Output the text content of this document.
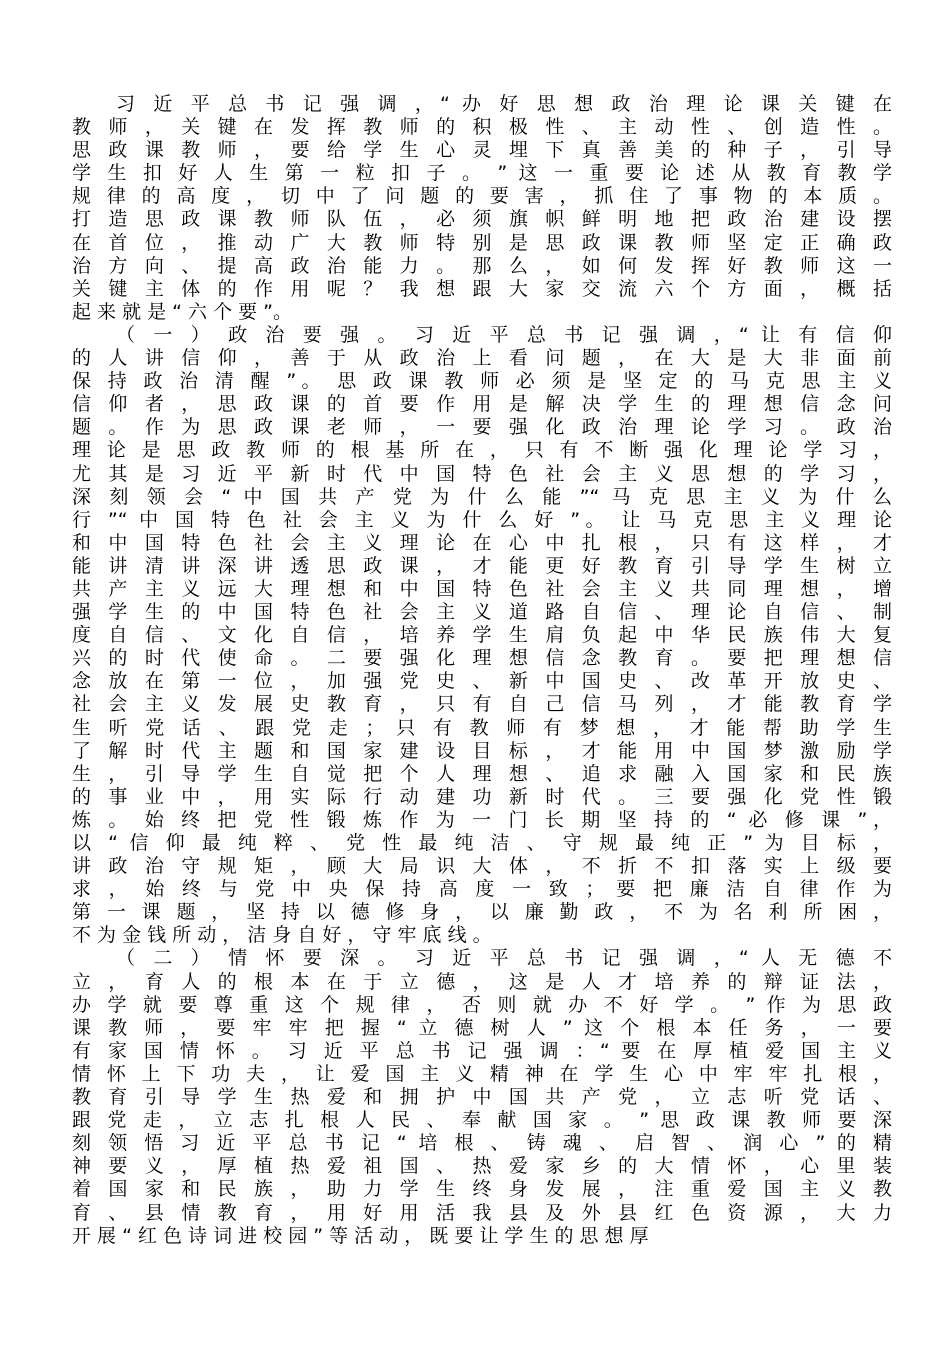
习 近 平 总 书 记 强 调 ，“ 办 好 思 想 政 治 理 论 课 关 键 在
教 师 ， 关 键 在 发 挥 教 师 的 积 极 性 、 主 动 性 、 创 造 性 。
思 政 课 教 师 ， 要 给 学 生 心 灵 埋 下 真 善 美 的 种 子 ， 引 导
学 生 扣 好 人 生 第 一 粒 扣 子 。 ” 这 一 重 要 论 述 从 教 育 教 学
规 律 的 高 度 ， 切 中 了 问 题 的 要 害 ， 抓 住 了 事 物 的 本 质 。
打 造 思 政 课 教 师 队 伍 ， 必 须 旗 帜 鲜 明 地 把 政 治 建 设 摆
在 首 位 ， 推 动 广 大 教 师 特 别 是 思 政 课 教 师 坚 定 正 确 政
治 方 向 、 提 高 政 治 能 力 。 那 么 ， 如 何 发 挥 好 教 师 这 一
关 键 主 体 的 作 用 呢 ？ 我 想 跟 大 家 交 流 六 个 方 面 ， 概 括
起 来 就 是 “ 六 个 要 ”。
（ 一 ） 政 治 要 强 。 习 近 平 总 书 记 强 调 ，“ 让 有 信 仰
的 人 讲 信 仰 ， 善 于 从 政 治 上 看 问 题 ， 在 大 是 大 非 面 前
保 持 政 治 清 醒 ”。 思 政 课 教 师 必 须 是 坚 定 的 马 克 思 主 义
信 仰 者 ， 思 政 课 的 首 要 作 用 是 解 决 学 生 的 理 想 信 念 问
题 。 作 为 思 政 课 老 师 ， 一 要 强 化 政 治 理 论 学 习 。 政 治
理 论 是 思 政 教 师 的 根 基 所 在 ， 只 有 不 断 强 化 理 论 学 习 ，
尤 其 是 习 近 平 新 时 代 中 国 特 色 社 会 主 义 思 想 的 学 习 ，
深 刻 领 会 “ 中 国 共 产 党 为 什 么 能 ”“ 马 克 思 主 义 为 什 么
行 ”“ 中 国 特 色 社 会 主 义 为 什 么 好 ”。 让 马 克 思 主 义 理 论
和 中 国 特 色 社 会 主 义 理 论 在 心 中 扎 根 ， 只 有 这 样 ， 才
能 讲 清 讲 深 讲 透 思 政 课 ， 才 能 更 好 教 育 引 导 学 生 树 立
共 产 主 义 远 大 理 想 和 中 国 特 色 社 会 主 义 共 同 理 想 ， 增
强 学 生 的 中 国 特 色 社 会 主 义 道 路 自 信 、 理 论 自 信 、 制
度 自 信 、 文 化 自 信 ， 培 养 学 生 肩 负 起 中 华 民 族 伟 大 复
兴 的 时 代 使 命 。 二 要 强 化 理 想 信 念 教 育 。 要 把 理 想 信
念 放 在 第 一 位 ， 加 强 党 史 、 新 中 国 史 、 改 革 开 放 史 、
社 会 主 义 发 展 史 教 育 ， 只 有 自 己 信 马 列 ， 才 能 教 育 学
生 听 党 话 、 跟 党 走 ； 只 有 教 师 有 梦 想 ， 才 能 帮 助 学 生
了 解 时 代 主 题 和 国 家 建 设 目 标 ， 才 能 用 中 国 梦 激 励 学
生 ， 引 导 学 生 自 觉 把 个 人 理 想 、 追 求 融 入 国 家 和 民 族
的 事 业 中 ， 用 实 际 行 动 建 功 新 时 代 。 三 要 强 化 党 性 锻
炼 。 始 终 把 党 性 锻 炼 作 为 一 门 长 期 坚 持 的 “ 必 修 课 ”，
以 “ 信 仰 最 纯 粹 、 党 性 最 纯 洁 、 守 规 最 纯 正 ” 为 目 标 ，
讲 政 治 守 规 矩 ， 顾 大 局 识 大 体 ， 不 折 不 扣 落 实 上 级 要
求 ， 始 终 与 党 中 央 保 持 高 度 一 致 ； 要 把 廉 洁 自 律 作 为
第 一 课 题 ， 坚 持 以 德 修 身 ， 以 廉 勤 政 ， 不 为 名 利 所 困 ，
不 为 金 钱 所 动 ， 洁 身 自 好 ， 守 牢 底 线 。
（ 二 ） 情 怀 要 深 。 习 近 平 总 书 记 强 调 ，“ 人 无 德 不
立 ， 育 人 的 根 本 在 于 立 德 ， 这 是 人 才 培 养 的 辩 证 法 ，
办 学 就 要 尊 重 这 个 规 律 ， 否 则 就 办 不 好 学 。 ” 作 为 思 政
课 教 师 ， 要 牢 牢 把 握 “ 立 德 树 人 ” 这 个 根 本 任 务 ， 一 要
有 家 国 情 怀 。 习 近 平 总 书 记 强 调 ：“ 要 在 厚 植 爱 国 主 义
情 怀 上 下 功 夫 ， 让 爱 国 主 义 精 神 在 学 生 心 中 牢 牢 扎 根 ，
教 育 引 导 学 生 热 爱 和 拥 护 中 国 共 产 党 ， 立 志 听 党 话 、
跟 党 走 ， 立 志 扎 根 人 民 、 奉 献 国 家 。 ” 思 政 课 教 师 要 深
刻 领 悟 习 近 平 总 书 记 “ 培 根 、 铸 魂 、 启 智 、 润 心 ” 的 精
神 要 义 ， 厚 植 热 爱 祖 国 、 热 爱 家 乡 的 大 情 怀 ， 心 里 装
着 国 家 和 民 族 ， 助 力 学 生 终 身 发 展 ， 注 重 爱 国 主 义 教
育 、 县 情 教 育 ， 用 好 用 活 我 县 及 外 县 红 色 资 源 ， 大 力
开 展 “ 红 色 诗 词 进 校 园 ” 等 活 动 ， 既 要 让 学 生 的 思 想 厚
